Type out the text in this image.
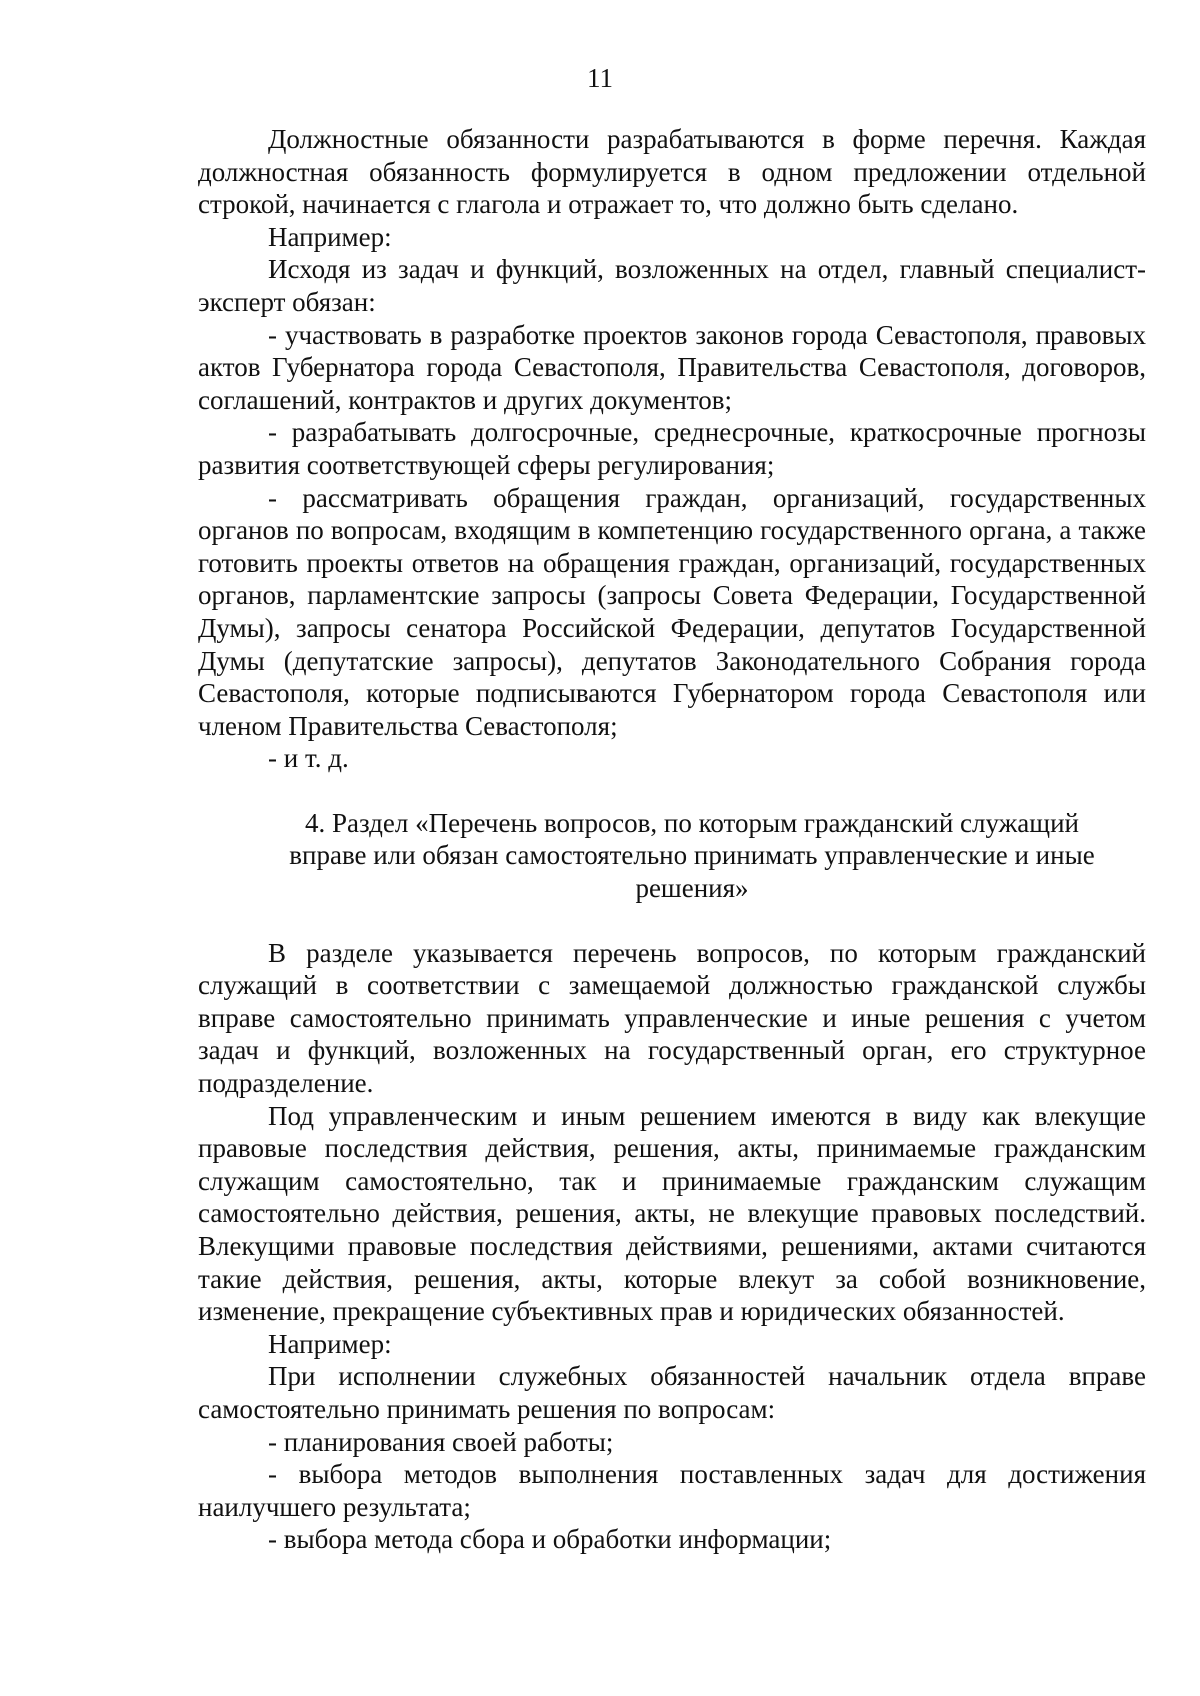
11

Должностные обязанности разрабатываются в форме перечня. Каждая должностная обязанность формулируется в одном предложении отдельной строкой, начинается с глагола и отражает то, что должно быть сделано.

Например:

Исходя из задач и функций, возложенных на отдел, главный специалист-эксперт обязан:

- участвовать в разработке проектов законов города Севастополя, правовых актов Губернатора города Севастополя, Правительства Севастополя, договоров, соглашений, контрактов и других документов;

- разрабатывать долгосрочные, среднесрочные, краткосрочные прогнозы развития соответствующей сферы регулирования;

- рассматривать обращения граждан, организаций, государственных органов по вопросам, входящим в компетенцию государственного органа, а также готовить проекты ответов на обращения граждан, организаций, государственных органов, парламентские запросы (запросы Совета Федерации, Государственной Думы), запросы сенатора Российской Федерации, депутатов Государственной Думы (депутатские запросы), депутатов Законодательного Собрания города Севастополя, которые подписываются Губернатором города Севастополя или членом Правительства Севастополя;

- и т. д.

4. Раздел «Перечень вопросов, по которым гражданский служащий
вправе или обязан самостоятельно принимать управленческие и иные
решения»

В разделе указывается перечень вопросов, по которым гражданский служащий в соответствии с замещаемой должностью гражданской службы вправе самостоятельно принимать управленческие и иные решения с учетом задач и функций, возложенных на государственный орган, его структурное подразделение.

Под управленческим и иным решением имеются в виду как влекущие правовые последствия действия, решения, акты, принимаемые гражданским служащим самостоятельно, так и принимаемые гражданским служащим самостоятельно действия, решения, акты, не влекущие правовых последствий. Влекущими правовые последствия действиями, решениями, актами считаются такие действия, решения, акты, которые влекут за собой возникновение, изменение, прекращение субъективных прав и юридических обязанностей.

Например:

При исполнении служебных обязанностей начальник отдела вправе самостоятельно принимать решения по вопросам:

- планирования своей работы;

- выбора методов выполнения поставленных задач для достижения наилучшего результата;

- выбора метода сбора и обработки информации;
